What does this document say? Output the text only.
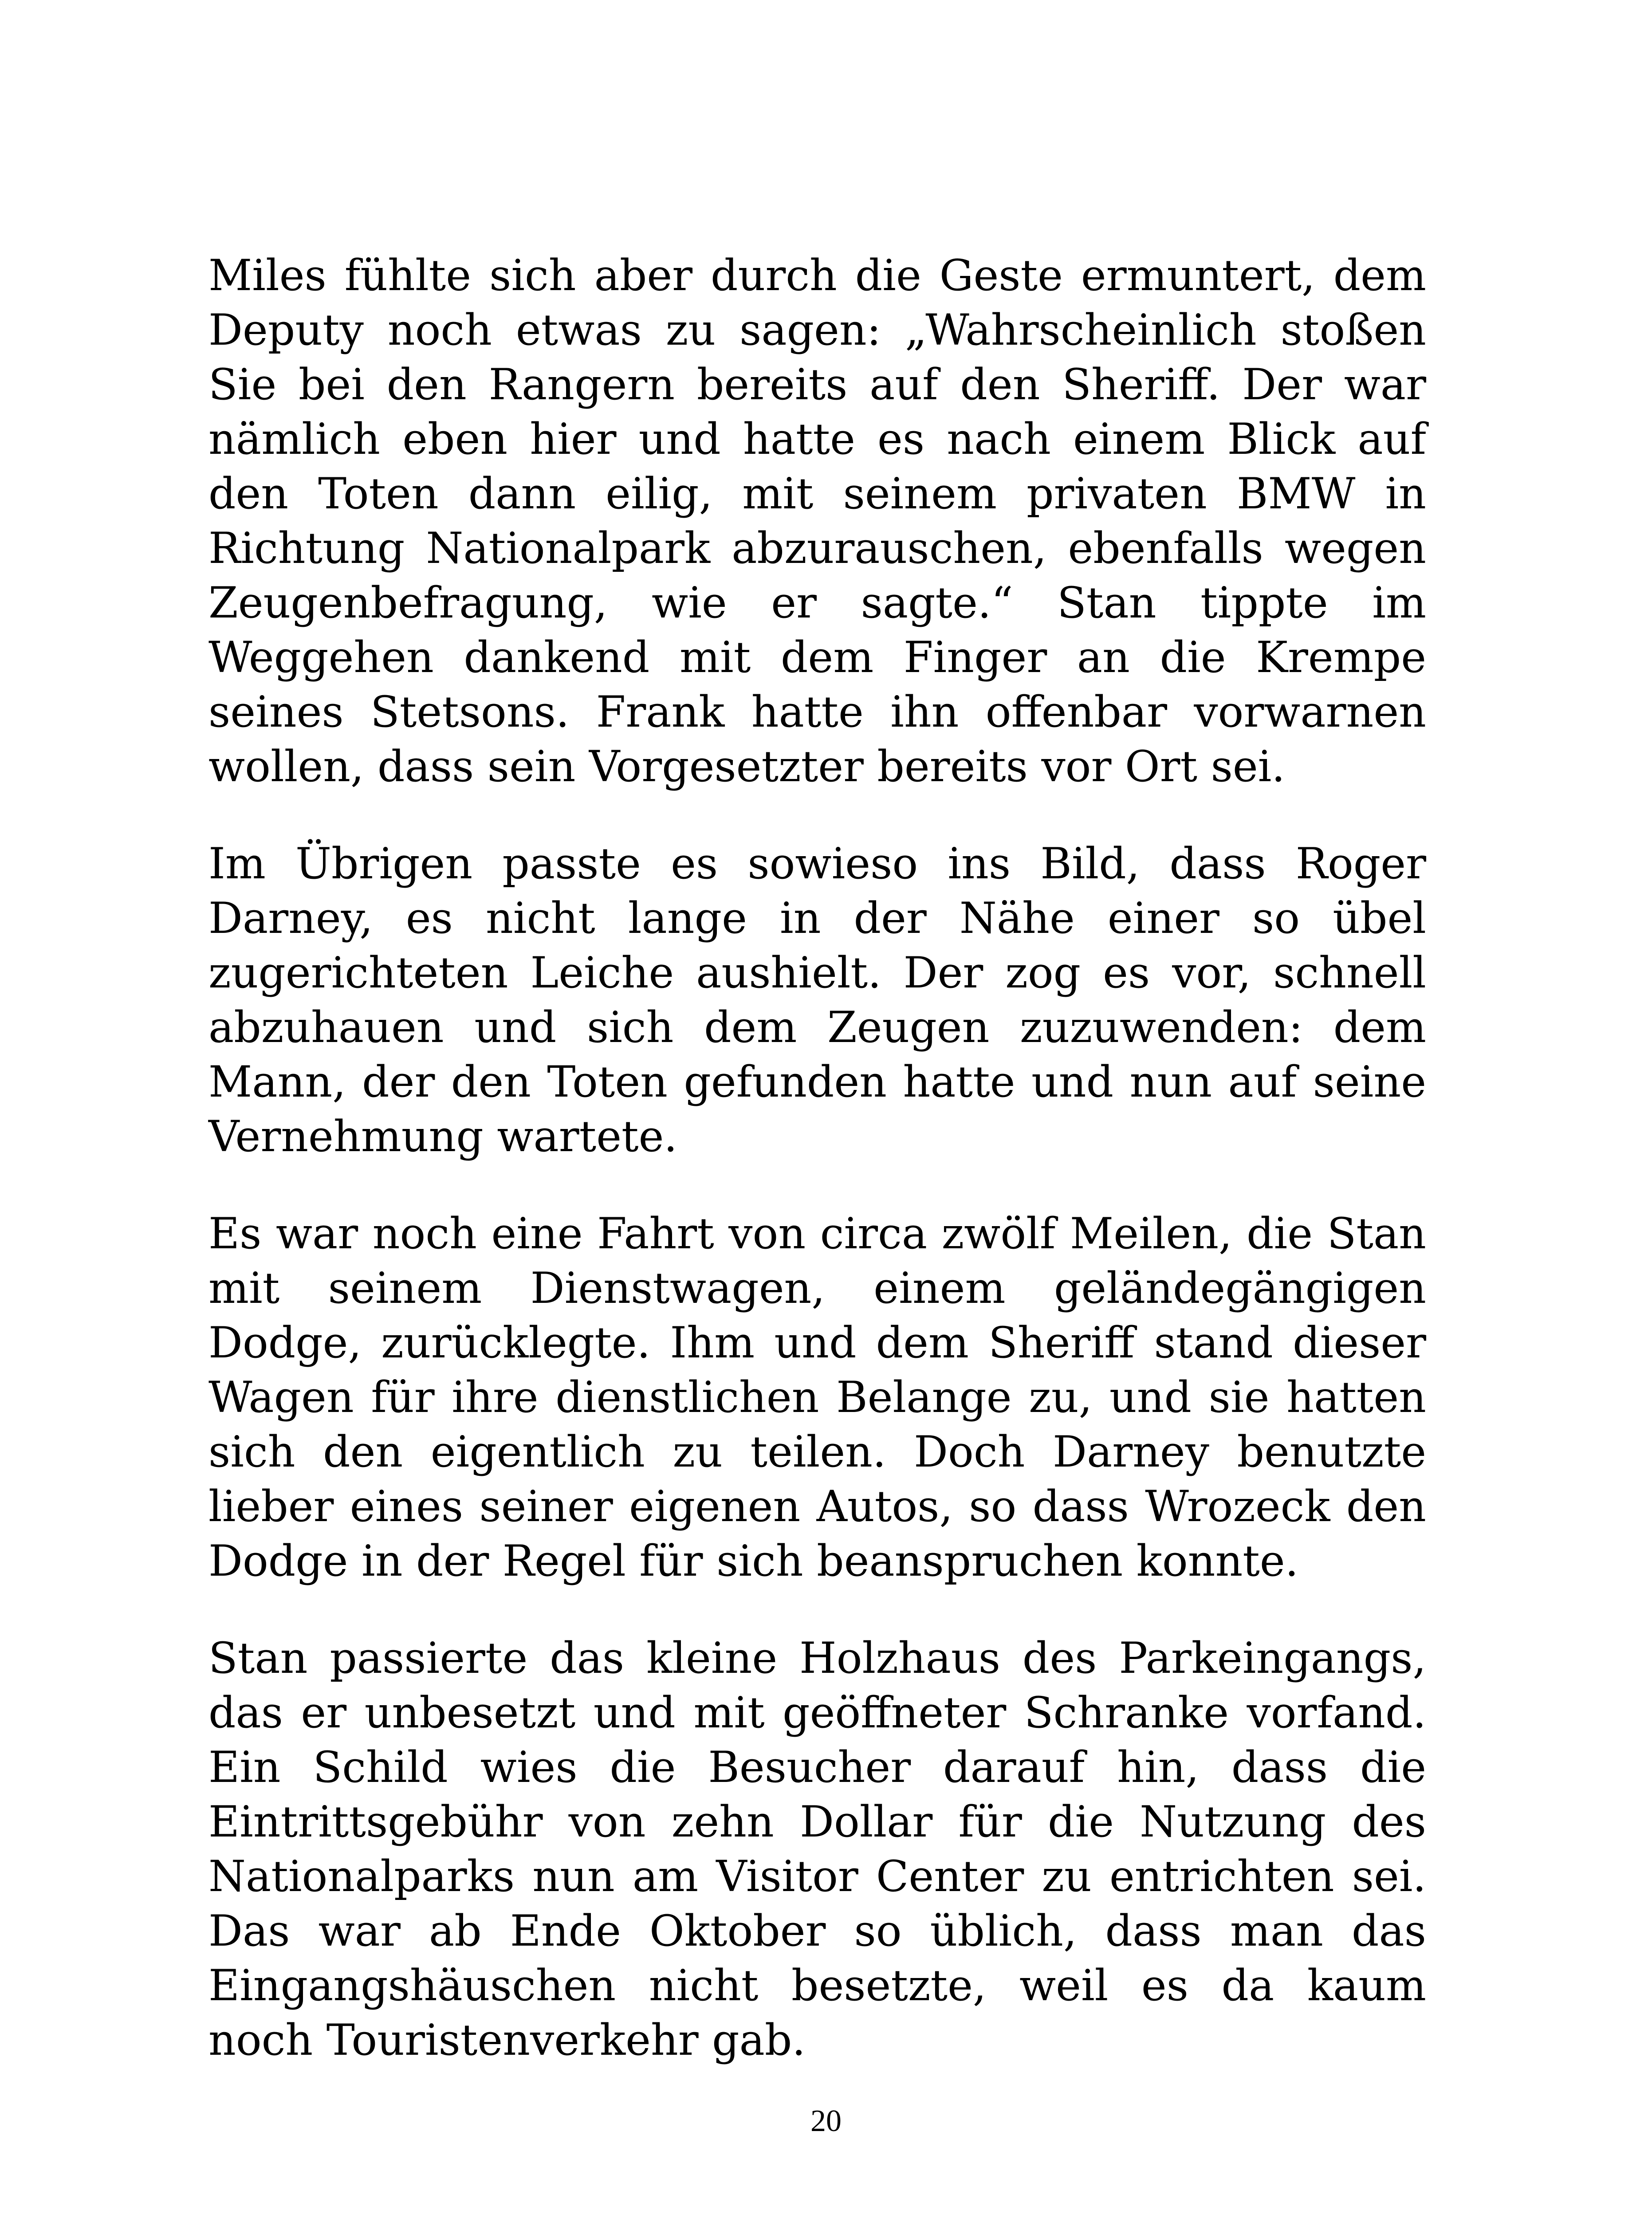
Miles fühlte sich aber durch die Geste ermuntert, dem Deputy noch etwas zu sagen: „Wahrscheinlich stoßen Sie bei den Rangern bereits auf den Sheriff. Der war nämlich eben hier und hatte es nach einem Blick auf den Toten dann eilig, mit seinem privaten BMW in Richtung Nationalpark abzurauschen, ebenfalls wegen Zeugenbefragung, wie er sagte.“ Stan tippte im Weggehen dankend mit dem Finger an die Krempe seines Stetsons. Frank hatte ihn offenbar vorwarnen wollen, dass sein Vorgesetzter bereits vor Ort sei.

Im Übrigen passte es sowieso ins Bild, dass Roger Darney, es nicht lange in der Nähe einer so übel zugerichteten Leiche aushielt. Der zog es vor, schnell abzuhauen und sich dem Zeugen zuzuwenden: dem Mann, der den Toten gefunden hatte und nun auf seine Vernehmung wartete.

Es war noch eine Fahrt von circa zwölf Meilen, die Stan mit seinem Dienstwagen, einem geländegängigen Dodge, zurücklegte. Ihm und dem Sheriff stand dieser Wagen für ihre dienstlichen Belange zu, und sie hatten sich den eigentlich zu teilen. Doch Darney benutzte lieber eines seiner eigenen Autos, so dass Wrozeck den Dodge in der Regel für sich beanspruchen konnte.

Stan passierte das kleine Holzhaus des Parkeingangs, das er unbesetzt und mit geöffneter Schranke vorfand. Ein Schild wies die Besucher darauf hin, dass die Eintrittsgebühr von zehn Dollar für die Nutzung des Nationalparks nun am Visitor Center zu entrichten sei. Das war ab Ende Oktober so üblich, dass man das Eingangshäuschen nicht besetzte, weil es da kaum noch Touristenverkehr gab.

20
